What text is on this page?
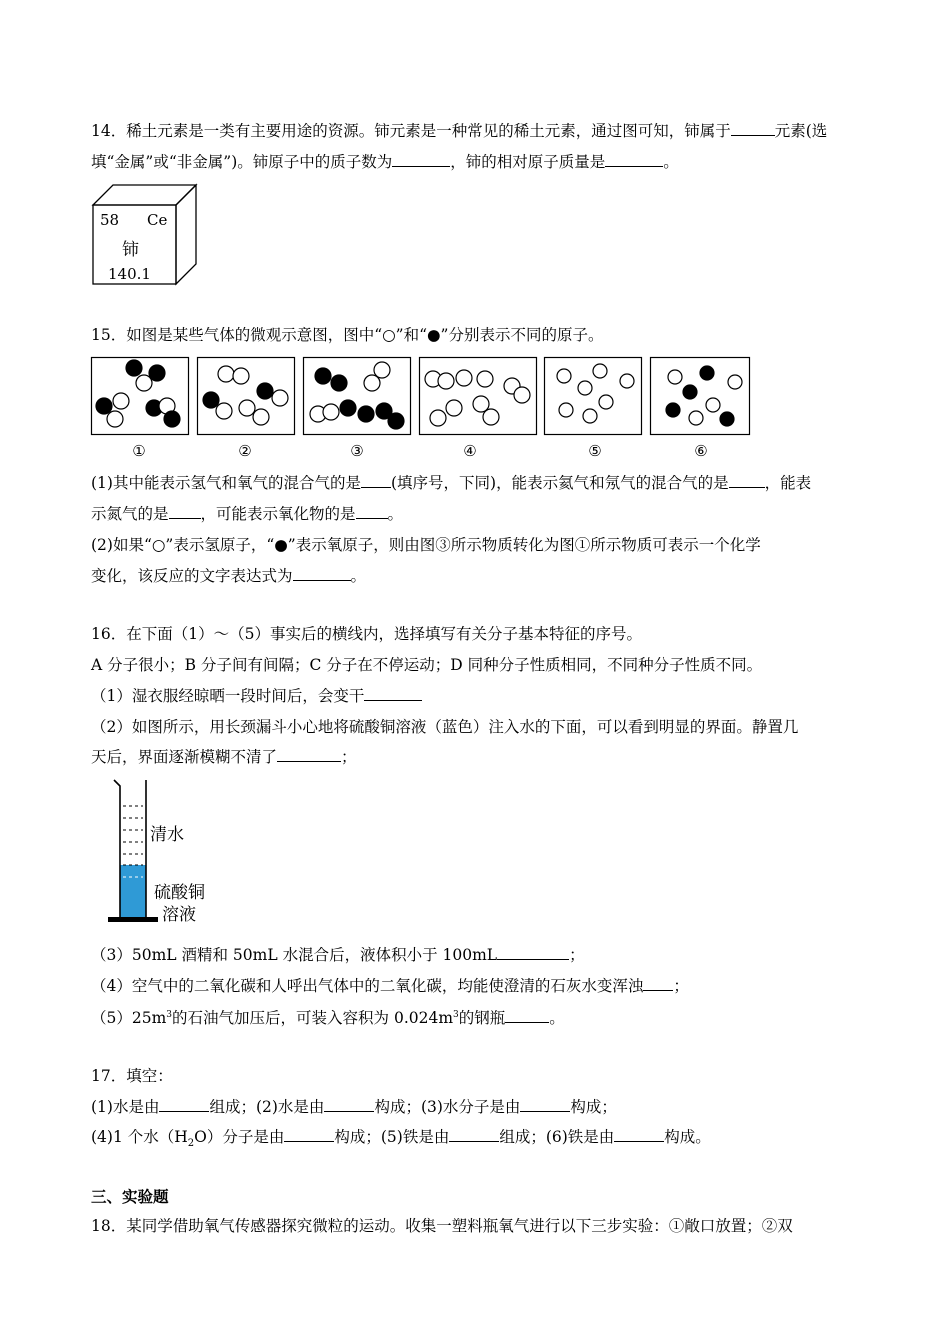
14．稀土元素是一类有主要用途的资源。铈元素是一种常见的稀土元素，通过图可知，铈属于	元素(选
填“金属”或“非金属”)。铈原子中的质子数为	，铈的相对原子质量是	。
58 Ce
铈
140.1
15．如图是某些气体的微观示意图，图中“○”和“●”分别表示不同的原子。
①	②	③	④	⑤	⑥
(1)其中能表示氢气和氧气的混合气的是 (填序号，下同)，能表示氦气和氖气的混合气的是 ，能表
示氮气的是 ，可能表示氧化物的是 。
(2)如果“○”表示氢原子，“●”表示氧原子，则由图③所示物质转化为图①所示物质可表示一个化学
变化，该反应的文字表达式为	。
16．在下面（1）～（5）事实后的横线内，选择填写有关分子基本特征的序号。
A 分子很小；B 分子间有间隔；C 分子在不停运动；D 同种分子性质相同，不同种分子性质不同。
（1）湿衣服经晾晒一段时间后，会变干
（2）如图所示，用长颈漏斗小心地将硫酸铜溶液（蓝色）注入水的下面，可以看到明显的界面。静置几
天后，界面逐渐模糊不清了	；
清水
硫酸铜
溶液
（3）50mL 酒精和 50mL 水混合后，液体积小于 100mL	；
（4）空气中的二氧化碳和人呼出气体中的二氧化碳，均能使澄清的石灰水变浑浊 ；
$(5)25m^3$的石油气加压后，可装入容积为 $0.024m^3$的钢瓶	。
17．填空：
(1)水是由	组成；(2)水是由	构成；(3)水分子是由	构成；
(4)1 个水$(H_2O)$分子是由	构成；(5)铁是由	组成；(6)铁是由	构成。
三、实验题
18．某同学借助氧气传感器探究微粒的运动。收集一塑料瓶氧气进行以下三步实验：①敞口放置；②双
